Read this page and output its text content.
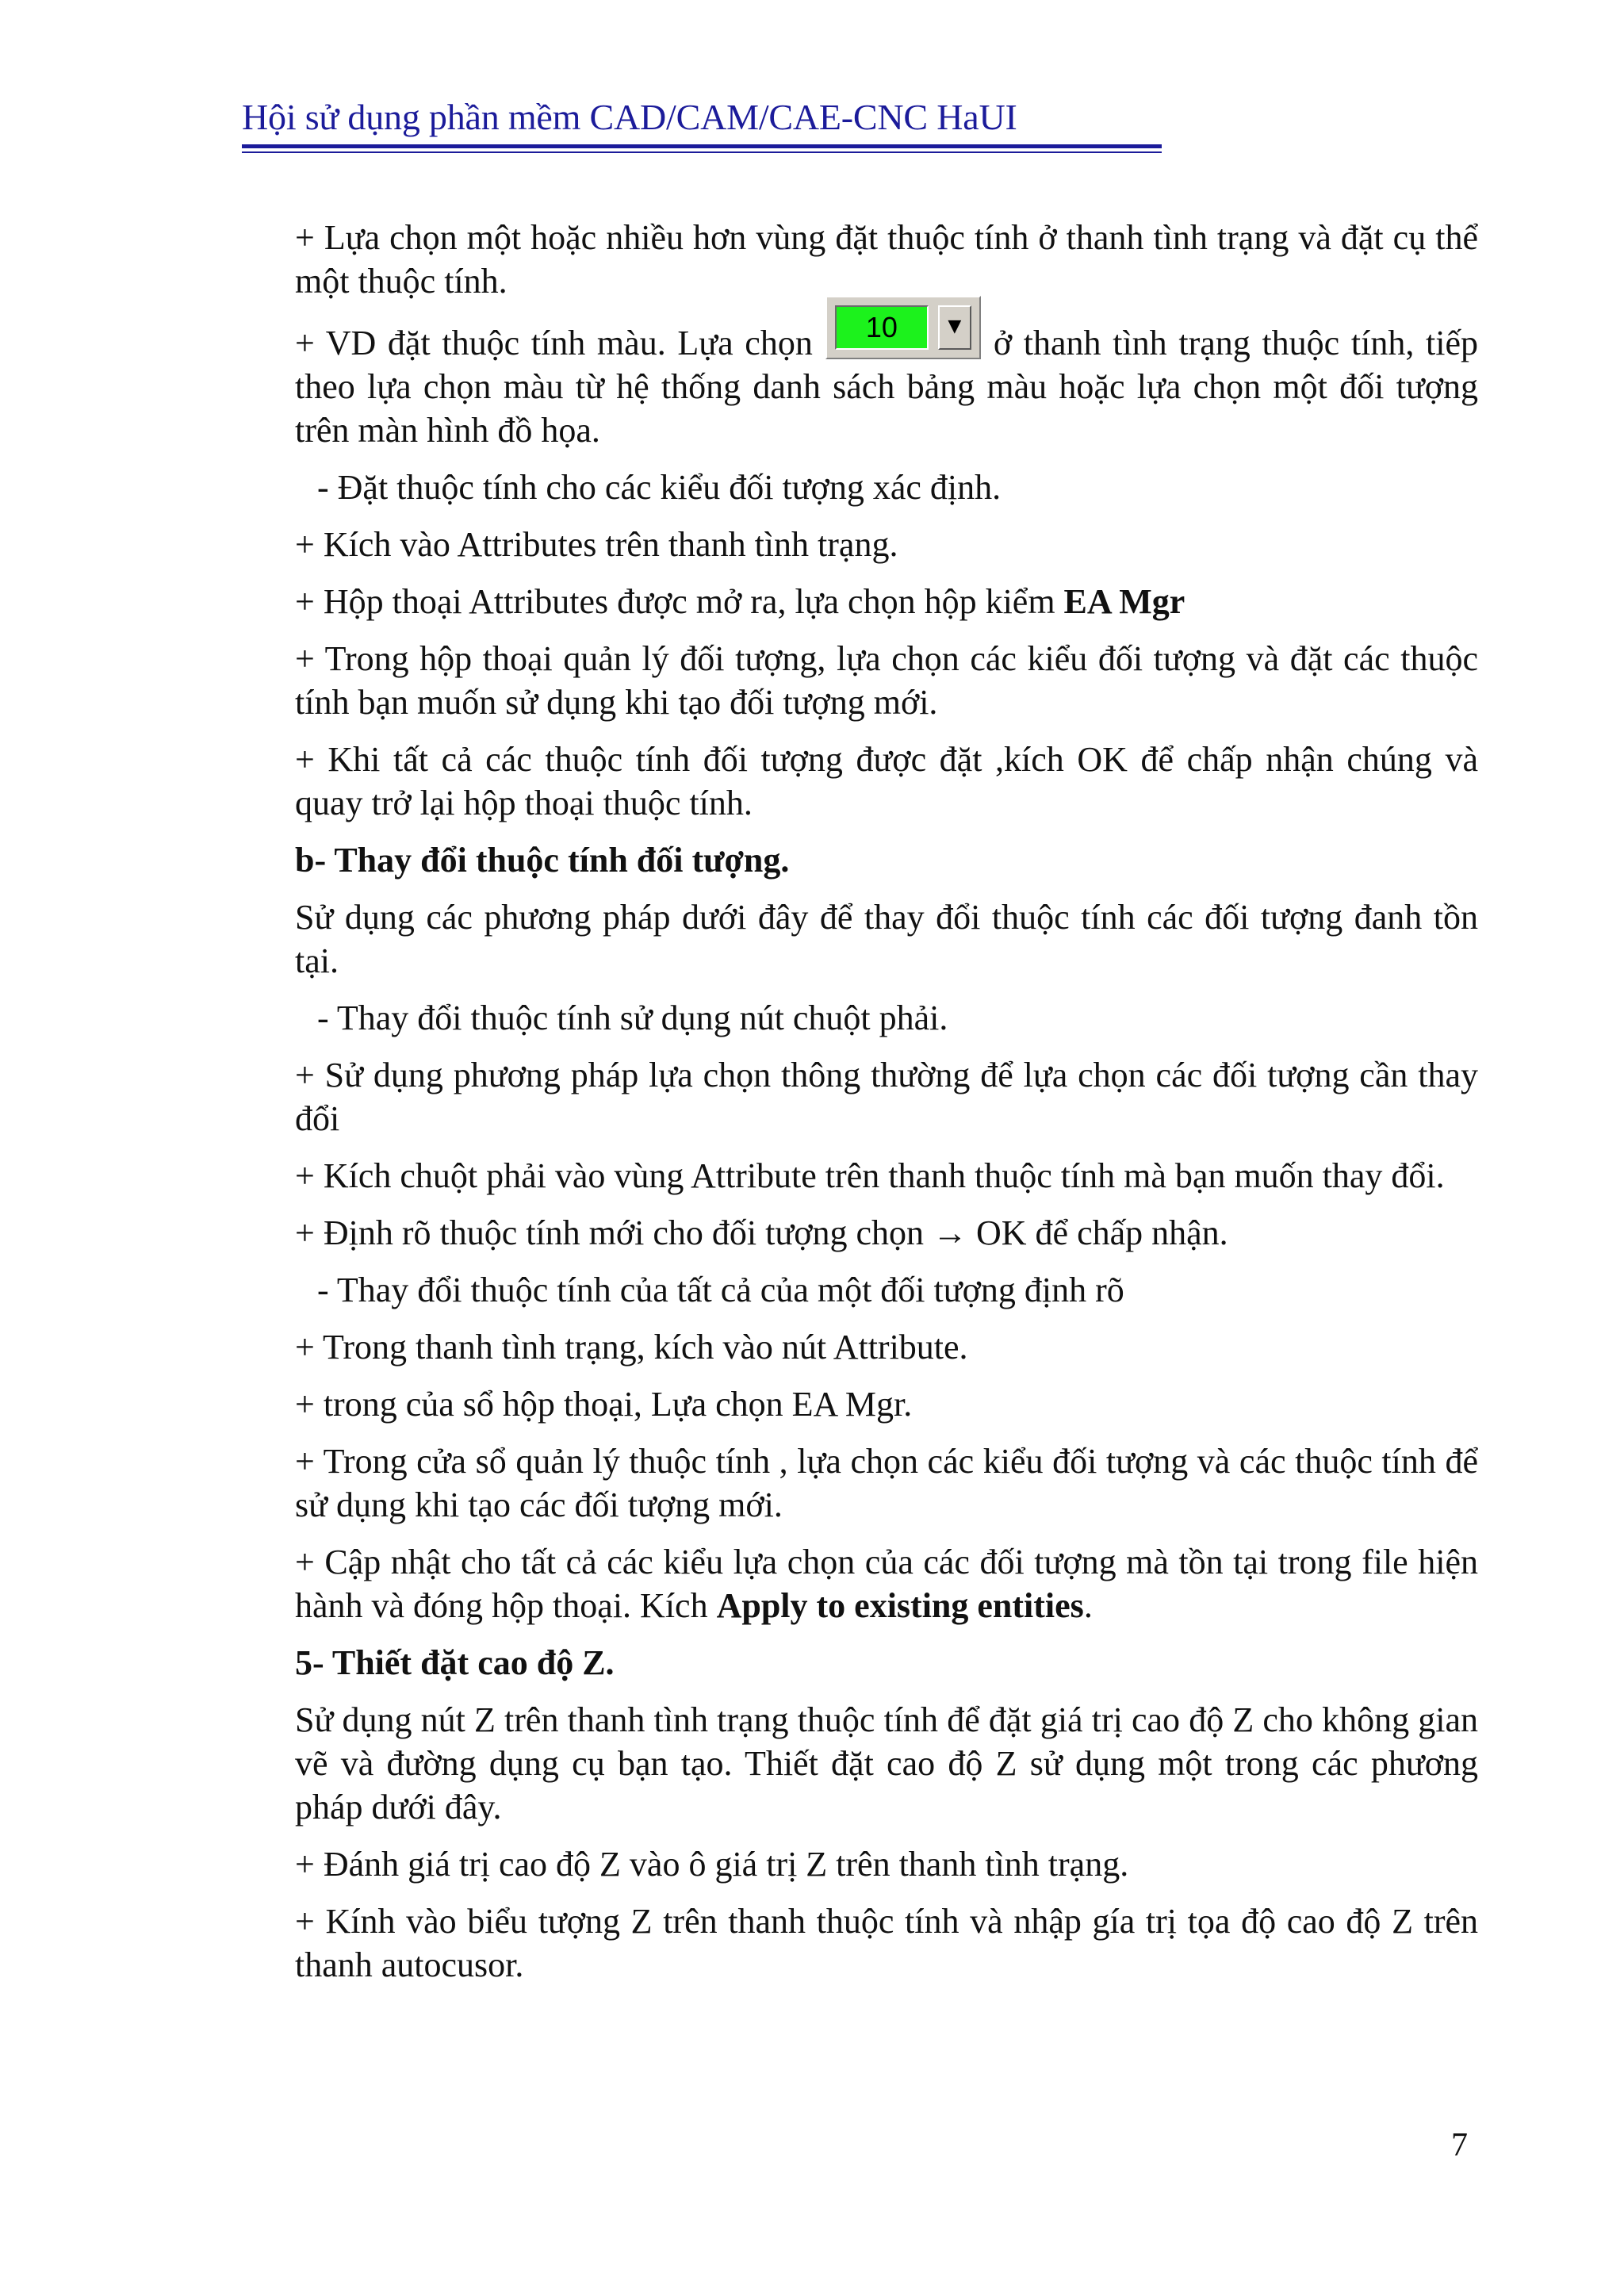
Hội sử dụng phần mềm CAD/CAM/CAE-CNC HaUI

+ Lựa chọn một hoặc nhiều hơn vùng đặt thuộc tính ở thanh tình trạng và đặt cụ thể một thuộc tính.

+ VD đặt thuộc tính màu. Lựa chọn	10	▼ ở thanh tình trạng thuộc tính, tiếp theo lựa chọn màu từ hệ thống danh sách bảng màu hoặc lựa chọn một đối tượng trên màn hình đồ họa.

- Đặt thuộc tính cho các kiểu đối tượng xác định.

+ Kích vào Attributes trên thanh tình trạng.

+ Hộp thoại Attributes được mở ra, lựa chọn hộp kiểm EA Mgr

+ Trong hộp thoại quản lý đối tượng, lựa chọn các kiểu đối tượng và đặt các thuộc tính bạn muốn sử dụng khi tạo đối tượng mới.

+ Khi tất cả các thuộc tính đối tượng được đặt ,kích OK để chấp nhận chúng và quay trở lại hộp thoại thuộc tính.

b- Thay đổi thuộc tính đối tượng.

Sử dụng các phương pháp dưới đây để thay đổi thuộc tính các đối tượng đanh tồn tại.

- Thay đổi thuộc tính sử dụng nút chuột phải.

+ Sử dụng phương pháp lựa chọn thông thường để lựa chọn các đối tượng cần thay đổi

+ Kích chuột phải vào vùng Attribute trên thanh thuộc tính mà bạn muốn thay đổi.

+ Định rõ thuộc tính mới cho đối tượng chọn → OK để chấp nhận.

- Thay đổi thuộc tính của tất cả của một đối tượng định rõ

+ Trong thanh tình trạng, kích vào nút Attribute.

+ trong của sổ hộp thoại, Lựa chọn EA Mgr.

+ Trong cửa sổ quản lý thuộc tính , lựa chọn các kiểu đối tượng và các thuộc tính để sử dụng khi tạo các đối tượng mới.

+ Cập nhật cho tất cả các kiểu lựa chọn của các đối tượng mà tồn tại trong file hiện hành và đóng hộp thoại. Kích Apply to existing entities.

5- Thiết đặt cao độ Z.

Sử dụng nút Z trên thanh tình trạng thuộc tính để đặt giá trị cao độ Z cho không gian vẽ và đường dụng cụ bạn tạo. Thiết đặt cao độ Z sử dụng một trong các phương pháp dưới đây.

+ Đánh giá trị cao độ Z vào ô giá trị Z trên thanh tình trạng.

+ Kính vào biểu tượng Z trên thanh thuộc tính và nhập gía trị tọa độ cao độ Z trên thanh autocusor.

7
